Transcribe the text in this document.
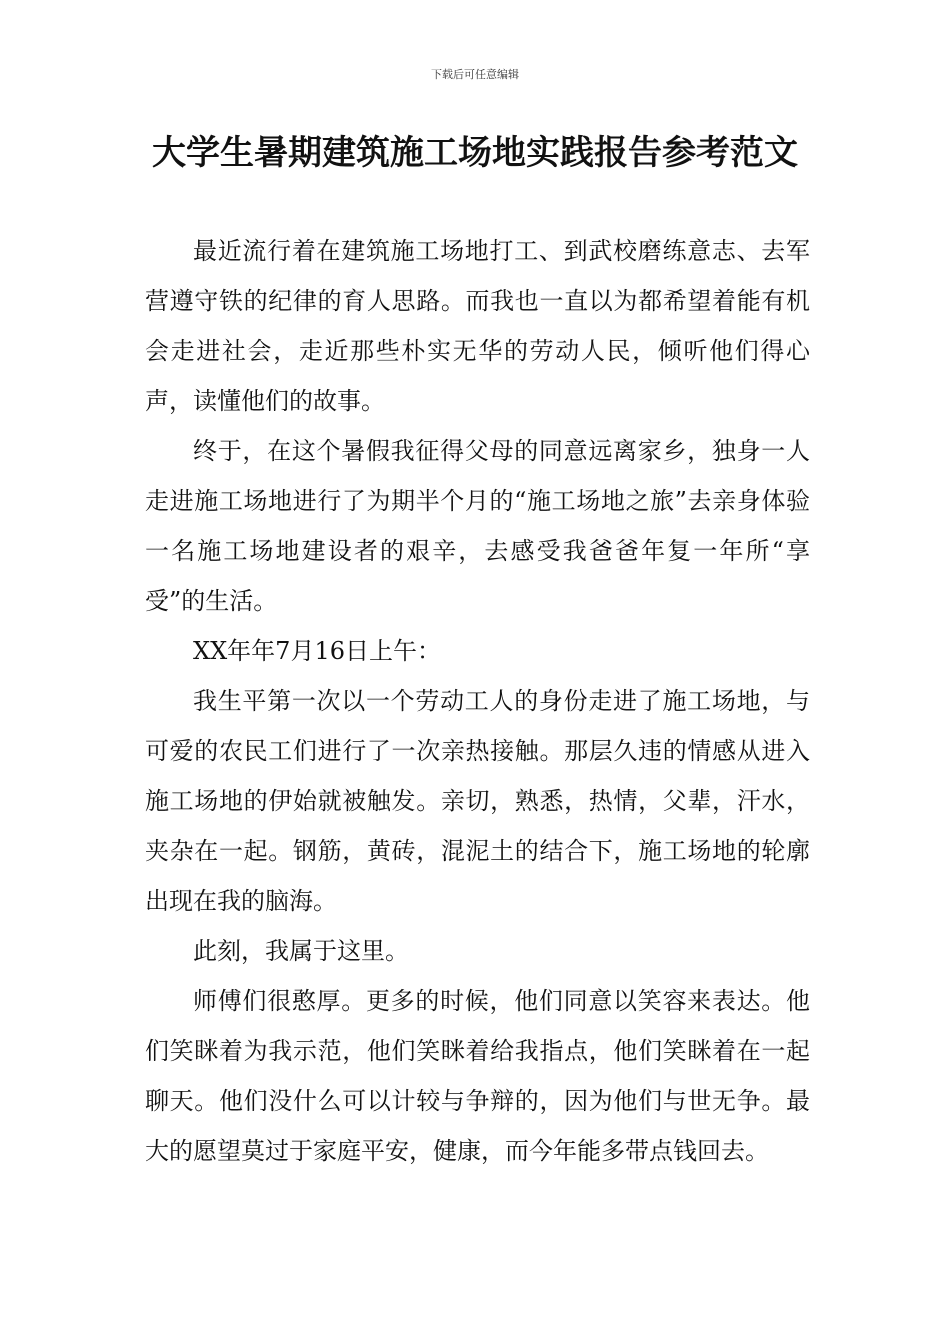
下载后可任意编辑
大学生暑期建筑施工场地实践报告参考范文

最近流行着在建筑施工场地打工、到武校磨练意志、去军营遵守铁的纪律的育人思路。而我也一直以为都希望着能有机会走进社会，走近那些朴实无华的劳动人民，倾听他们得心声，读懂他们的故事。

终于，在这个暑假我征得父母的同意远离家乡，独身一人走进施工场地进行了为期半个月的“施工场地之旅”去亲身体验一名施工场地建设者的艰辛，去感受我爸爸年复一年所“享受”的生活。

XX年年7月16日上午：

我生平第一次以一个劳动工人的身份走进了施工场地，与可爱的农民工们进行了一次亲热接触。那层久违的情感从进入施工场地的伊始就被触发。亲切，熟悉，热情，父辈，汗水，夹杂在一起。钢筋，黄砖，混泥土的结合下，施工场地的轮廓出现在我的脑海。

此刻，我属于这里。

师傅们很憨厚。更多的时候，他们同意以笑容来表达。他们笑眯着为我示范，他们笑眯着给我指点，他们笑眯着在一起聊天。他们没什么可以计较与争辩的，因为他们与世无争。最大的愿望莫过于家庭平安，健康，而今年能多带点钱回去。
